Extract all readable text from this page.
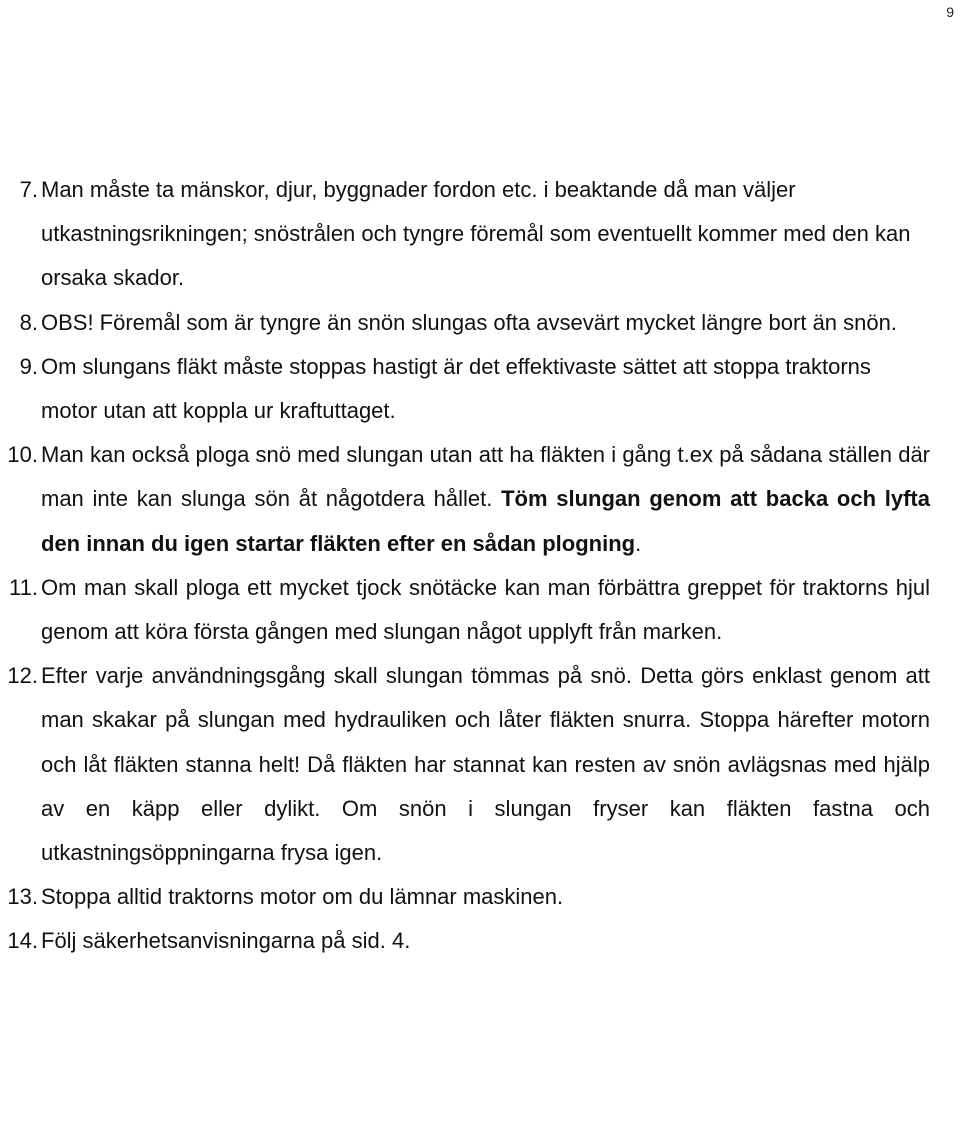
9
7. Man måste ta mänskor, djur, byggnader fordon etc. i beaktande då man väljer utkastningsrikningen; snöstrålen och tyngre föremål som eventuellt kommer med den kan orsaka skador.
8. OBS! Föremål som är tyngre än snön slungas ofta avsevärt mycket längre bort än snön.
9. Om slungans fläkt måste stoppas hastigt är det effektivaste sättet att stoppa traktorns motor utan att koppla ur kraftuttaget.
10. Man kan också ploga snö med slungan utan att ha fläkten i gång t.ex på sådana ställen där man inte kan slunga sön åt någotdera hållet. Töm slungan genom att backa och lyfta den innan du igen startar fläkten efter en sådan plogning.
11. Om man skall ploga ett mycket tjock snötäcke kan man förbättra greppet för traktorns hjul genom att köra första gången med slungan något upplyft från marken.
12. Efter varje användningsgång skall slungan tömmas på snö. Detta görs enklast genom att man skakar på slungan med hydrauliken och låter fläkten snurra. Stoppa härefter motorn och låt fläkten stanna helt! Då fläkten har stannat kan resten av snön avlägsnas med hjälp av en käpp eller dylikt. Om snön i slungan fryser kan fläkten fastna och utkastningsöppningarna frysa igen.
13. Stoppa alltid traktorns motor om du lämnar maskinen.
14. Följ säkerhetsanvisningarna på sid. 4.
